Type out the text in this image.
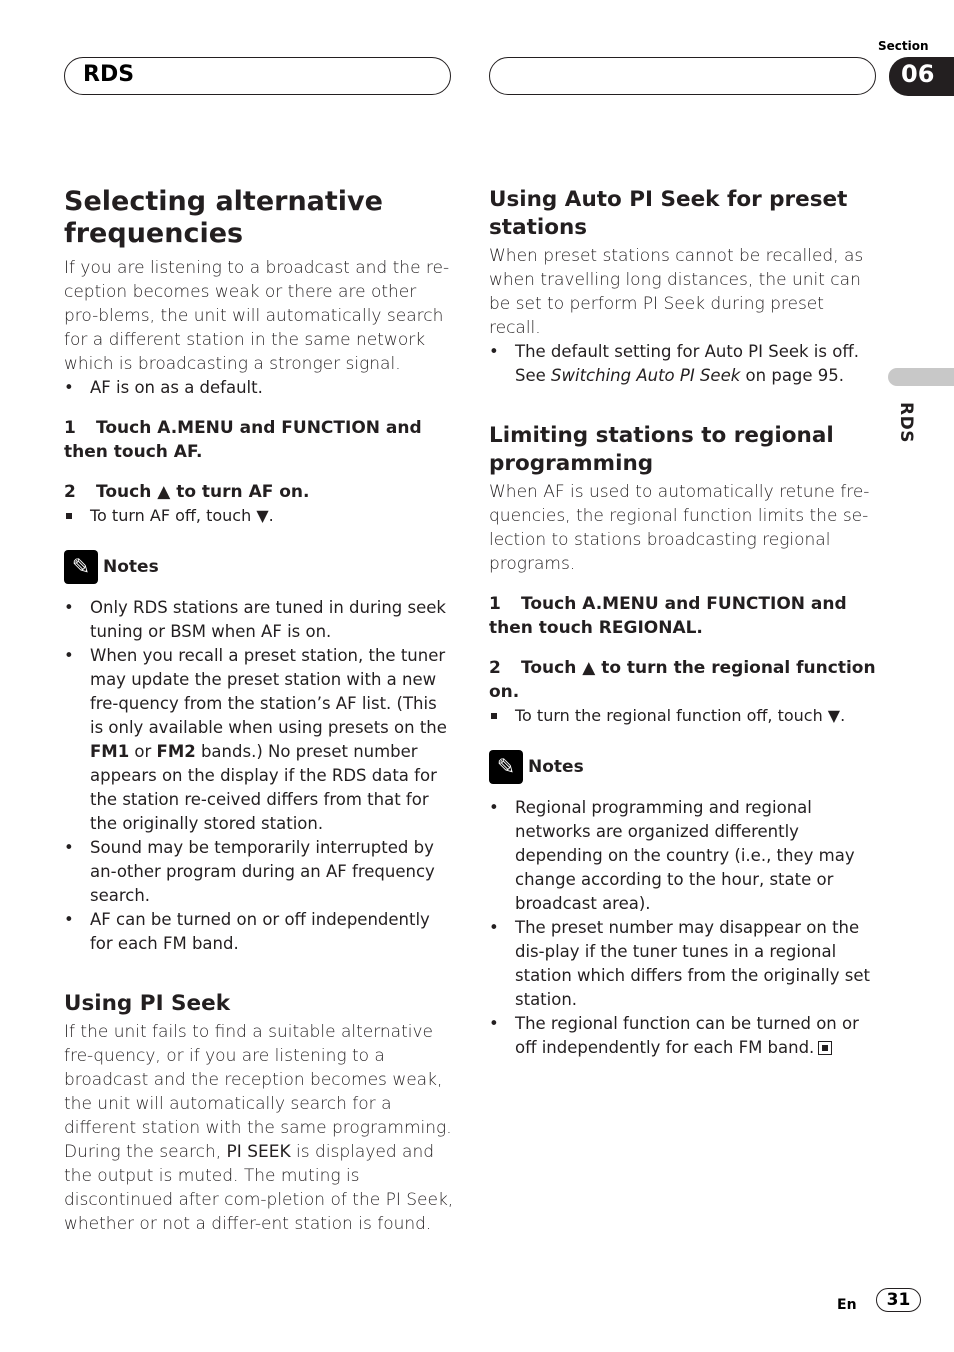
RDS
Section
06
RDS
Selecting alternative frequencies

If you are listening to a broadcast and the re-ception becomes weak or there are other pro-blems, the unit will automatically search for a different station in the same network which is broadcasting a stronger signal.

• AF is on as a default.

1 Touch A.MENU and FUNCTION and then touch AF.

2 Touch ▲ to turn AF on.

To turn AF off, touch ▼.

✎ Notes
• Only RDS stations are tuned in during seek tuning or BSM when AF is on.
• When you recall a preset station, the tuner may update the preset station with a new fre-quency from the station’s AF list. (This is only available when using presets on the FM1 or FM2 bands.) No preset number appears on the display if the RDS data for the station re-ceived differs from that for the originally stored station.
• Sound may be temporarily interrupted by an-other program during an AF frequency search.
• AF can be turned on or off independently for each FM band.
Using PI Seek

If the unit fails to find a suitable alternative fre-quency, or if you are listening to a broadcast and the reception becomes weak, the unit will automatically search for a different station with the same programming. During the search, PI SEEK is displayed and the output is muted. The muting is discontinued after com-pletion of the PI Seek, whether or not a differ-ent station is found.

Using Auto PI Seek for preset stations

When preset stations cannot be recalled, as when travelling long distances, the unit can be set to perform PI Seek during preset recall.

• The default setting for Auto PI Seek is off. See Switching Auto PI Seek on page 95.
Limiting stations to regional programming

When AF is used to automatically retune fre-quencies, the regional function limits the se-lection to stations broadcasting regional programs.

1 Touch A.MENU and FUNCTION and then touch REGIONAL.

2 Touch ▲ to turn the regional function on.

To turn the regional function off, touch ▼.

✎ Notes
• Regional programming and regional networks are organized differently depending on the country (i.e., they may change according to the hour, state or broadcast area).
• The preset number may disappear on the dis-play if the tuner tunes in a regional station which differs from the originally set station.
• The regional function can be turned on or off independently for each FM band.
En	31
